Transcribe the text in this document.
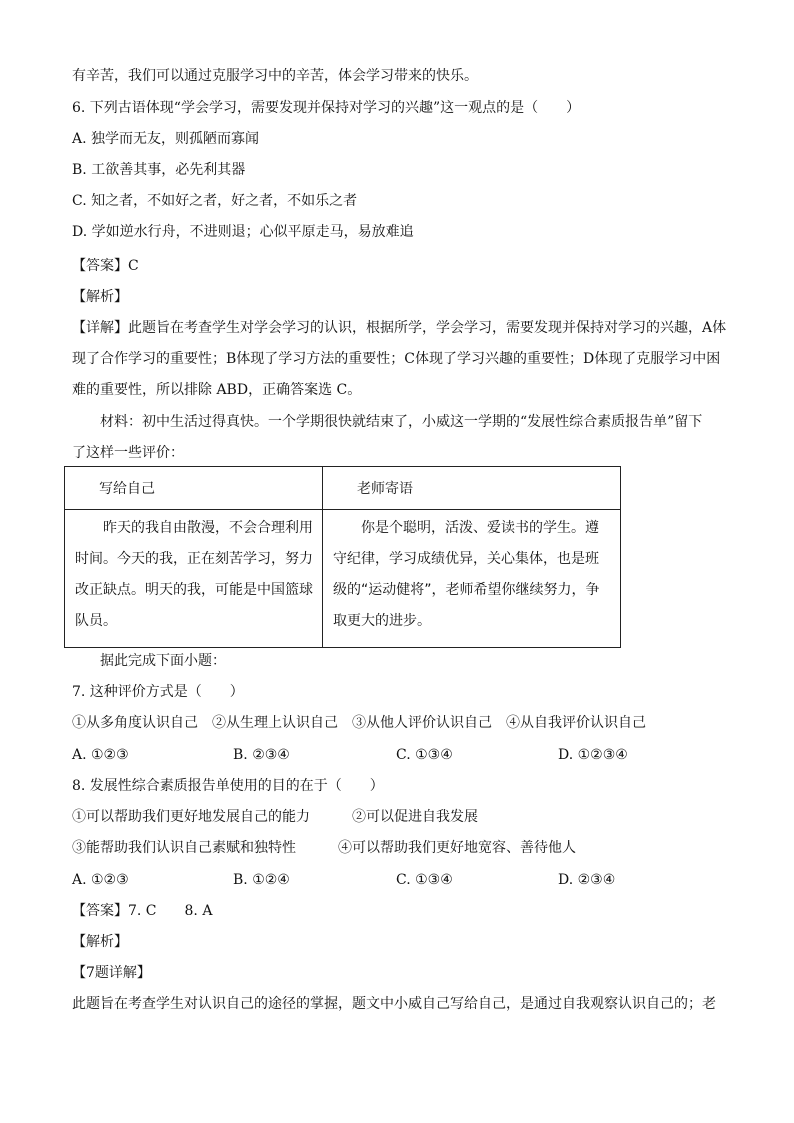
有辛苦，我们可以通过克服学习中的辛苦，体会学习带来的快乐。
6. 下列古语体现“学会学习，需要发现并保持对学习的兴趣”这一观点的是（　　）
A. 独学而无友，则孤陋而寡闻
B. 工欲善其事，必先利其器
C. 知之者，不如好之者，好之者，不如乐之者
D. 学如逆水行舟，不进则退；心似平原走马，易放难追
【答案】C
【解析】
【详解】此题旨在考查学生对学会学习的认识，根据所学，学会学习，需要发现并保持对学习的兴趣，A体
现了合作学习的重要性；B体现了学习方法的重要性；C体现了学习兴趣的重要性；D体现了克服学习中困
难的重要性，所以排除 ABD，正确答案选 C。
材料：初中生活过得真快。一个学期很快就结束了，小威这一学期的“发展性综合素质报告单”留下
了这样一些评价：
写给自己	老师寄语
昨天的我自由散漫，不会合理利用时间。今天的我，正在刻苦学习，努力改正缺点。明天的我，可能是中国篮球队员。	你是个聪明，活泼、爱读书的学生。遵守纪律，学习成绩优异，关心集体，也是班级的“运动健将”，老师希望你继续努力，争取更大的进步。
据此完成下面小题：
7. 这种评价方式是（　　）
①从多角度认识自己　②从生理上认识自己　③从他人评价认识自己　④从自我评价认识自己
A. ①②③	B. ②③④	C. ①③④	D. ①②③④
8. 发展性综合素质报告单使用的目的在于（　　）
①可以帮助我们更好地发展自己的能力　　　②可以促进自我发展
③能帮助我们认识自己素赋和独特性　　　④可以帮助我们更好地宽容、善待他人
A. ①②③	B. ①②④	C. ①③④	D. ②③④
【答案】7. C　　8. A
【解析】
【7题详解】
此题旨在考查学生对认识自己的途径的掌握，题文中小威自己写给自己，是通过自我观察认识自己的；老
